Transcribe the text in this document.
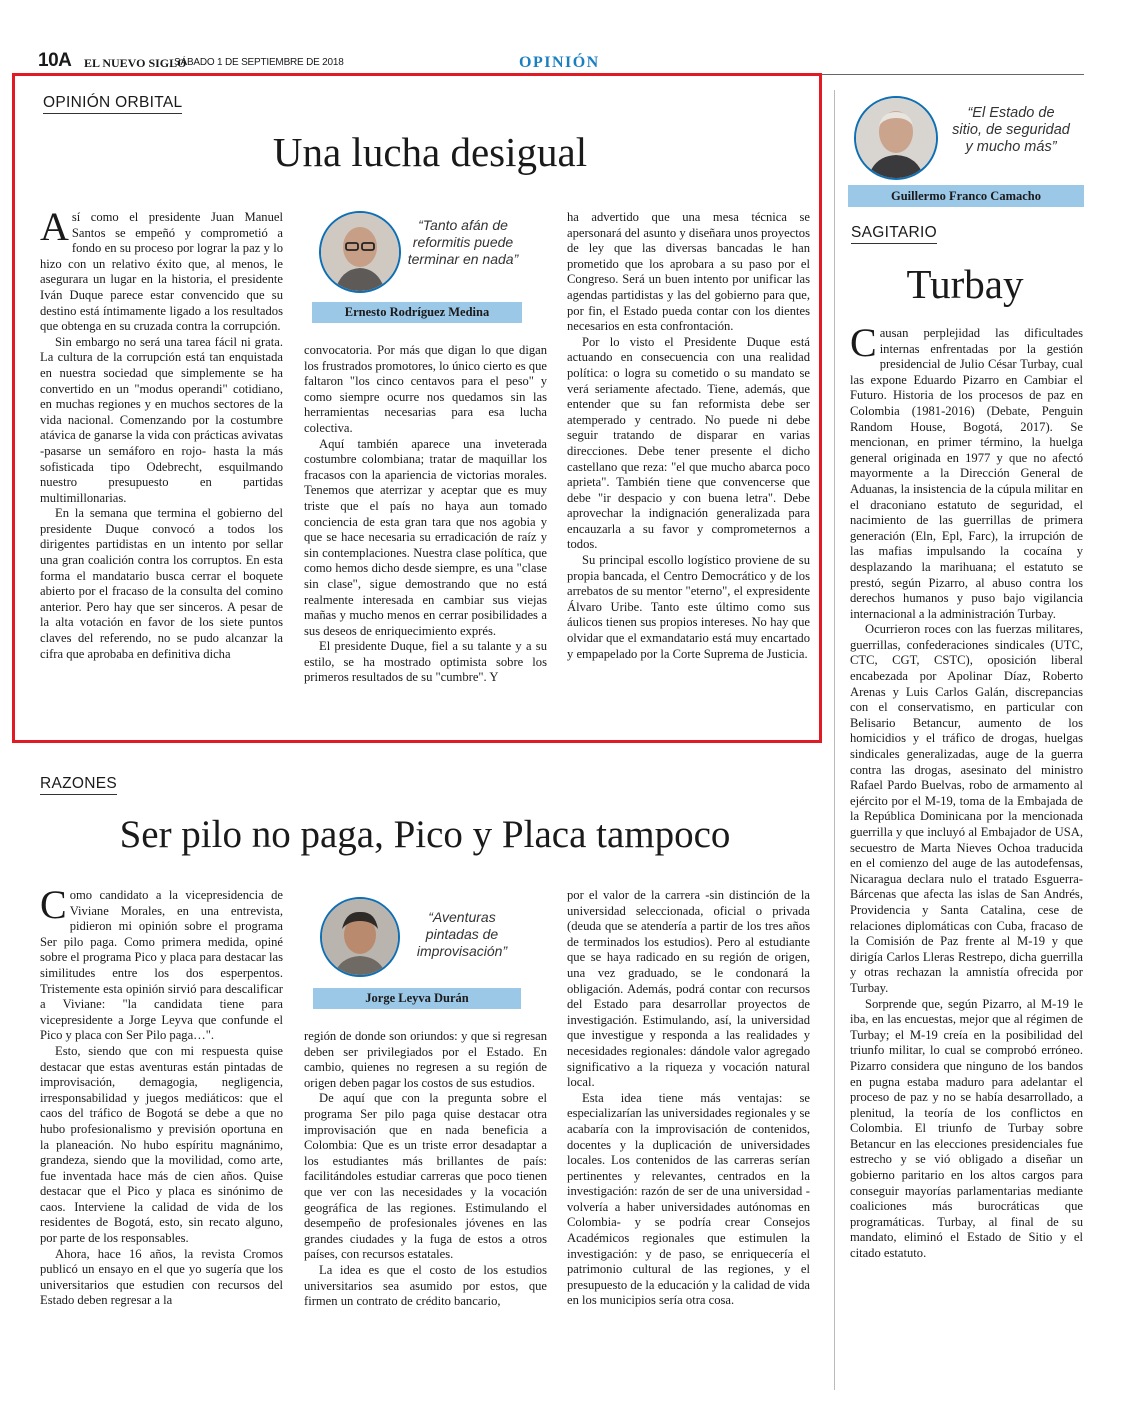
10A EL NUEVO SIGLO
SÁBADO 1 DE SEPTIEMBRE DE 2018	OPINIÓN
OPINIÓN ORBITAL
Una lucha desigual

Así como el presidente Juan Manuel Santos se empeñó y comprometió a fondo en su proceso por lograr la paz y lo hizo con un relativo éxito que, al menos, le asegurara un lugar en la historia, el presidente Iván Duque parece estar convencido que su destino está íntimamente ligado a los resultados que obtenga en su cruzada contra la corrupción.

Sin embargo no será una tarea fácil ni grata. La cultura de la corrupción está tan enquistada en nuestra sociedad que simplemente se ha convertido en un "modus operandi" cotidiano, en muchas regiones y en muchos sectores de la vida nacional. Comenzando por la costumbre atávica de ganarse la vida con prácticas avivatas -pasarse un semáforo en rojo- hasta la más sofisticada tipo Odebrecht, esquilmando nuestro presupuesto en partidas multimillonarias.

En la semana que termina el gobierno del presidente Duque convocó a todos los dirigentes partidistas en un intento por sellar una gran coalición contra los corruptos. En esta forma el mandatario busca cerrar el boquete abierto por el fracaso de la consulta del comino anterior. Pero hay que ser sinceros. A pesar de la alta votación en favor de los siete puntos claves del referendo, no se pudo alcanzar la cifra que aprobaba en definitiva dicha

“Tanto afán de reformitis puede terminar en nada”
Ernesto Rodríguez Medina

convocatoria. Por más que digan lo que digan los frustrados promotores, lo único cierto es que faltaron "los cinco centavos para el peso" y como siempre ocurre nos quedamos sin las herramientas necesarias para esa lucha colectiva.

Aquí también aparece una inveterada costumbre colombiana; tratar de maquillar los fracasos con la apariencia de victorias morales. Tenemos que aterrizar y aceptar que es muy triste que el país no haya aun tomado conciencia de esta gran tara que nos agobia y que se hace necesaria su erradicación de raíz y sin contemplaciones. Nuestra clase política, que como hemos dicho desde siempre, es una "clase sin clase", sigue demostrando que no está realmente interesada en cambiar sus viejas mañas y mucho menos en cerrar posibilidades a sus deseos de enriquecimiento exprés.

El presidente Duque, fiel a su talante y a su estilo, se ha mostrado optimista sobre los primeros resultados de su "cumbre". Y

ha advertido que una mesa técnica se apersonará del asunto y diseñara unos proyectos de ley que las diversas bancadas le han prometido que los aprobara a su paso por el Congreso. Será un buen intento por unificar las agendas partidistas y las del gobierno para que, por fin, el Estado pueda contar con los dientes necesarios en esta confrontación.

Por lo visto el Presidente Duque está actuando en consecuencia con una realidad política: o logra su cometido o su mandato se verá seriamente afectado. Tiene, además, que entender que su fan reformista debe ser atemperado y centrado. No puede ni debe seguir tratando de disparar en varias direcciones. Debe tener presente el dicho castellano que reza: "el que mucho abarca poco aprieta". También tiene que convencerse que debe "ir despacio y con buena letra". Debe aprovechar la indignación generalizada para encauzarla a su favor y comprometernos a todos.

Su principal escollo logístico proviene de su propia bancada, el Centro Democrático y de los arrebatos de su mentor "eterno", el expresidente Álvaro Uribe. Tanto este último como sus áulicos tienen sus propios intereses. No hay que olvidar que el exmandatario está muy encartado y empapelado por la Corte Suprema de Justicia.

RAZONES
Ser pilo no paga, Pico y Placa tampoco

Como candidato a la vicepresidencia de Viviane Morales, en una entrevista, pidieron mi opinión sobre el programa Ser pilo paga. Como primera medida, opiné sobre el programa Pico y placa para destacar las similitudes entre los dos esperpentos. Tristemente esta opinión sirvió para descalificar a Viviane: "la candidata tiene para vicepresidente a Jorge Leyva que confunde el Pico y placa con Ser Pilo paga…".

Esto, siendo que con mi respuesta quise destacar que estas aventuras están pintadas de improvisación, demagogia, negligencia, irresponsabilidad y juegos mediáticos: que el caos del tráfico de Bogotá se debe a que no hubo profesionalismo y previsión oportuna en la planeación. No hubo espíritu magnánimo, grandeza, siendo que la movilidad, como arte, fue inventada hace más de cien años. Quise destacar que el Pico y placa es sinónimo de caos. Interviene la calidad de vida de los residentes de Bogotá, esto, sin recato alguno, por parte de los responsables.

Ahora, hace 16 años, la revista Cromos publicó un ensayo en el que yo sugería que los universitarios que estudien con recursos del Estado deben regresar a la

“Aventuras pintadas de improvisación”
Jorge Leyva Durán

región de donde son oriundos: y que si regresan deben ser privilegiados por el Estado. En cambio, quienes no regresen a su región de origen deben pagar los costos de sus estudios.

De aquí que con la pregunta sobre el programa Ser pilo paga quise destacar otra improvisación que en nada beneficia a Colombia: Que es un triste error desadaptar a los estudiantes más brillantes de país: facilitándoles estudiar carreras que poco tienen que ver con las necesidades y la vocación geográfica de las regiones. Estimulando el desempeño de profesionales jóvenes en las grandes ciudades y la fuga de estos a otros países, con recursos estatales.

La idea es que el costo de los estudios universitarios sea asumido por estos, que firmen un contrato de crédito bancario,

por el valor de la carrera -sin distinción de la universidad seleccionada, oficial o privada (deuda que se atendería a partir de los tres años de terminados los estudios). Pero al estudiante que se haya radicado en su región de origen, una vez graduado, se le condonará la obligación. Además, podrá contar con recursos del Estado para desarrollar proyectos de investigación. Estimulando, así, la universidad que investigue y responda a las realidades y necesidades regionales: dándole valor agregado significativo a la riqueza y vocación natural local.

Esta idea tiene más ventajas: se especializarían las universidades regionales y se acabaría con la improvisación de contenidos, docentes y la duplicación de universidades locales. Los contenidos de las carreras serían pertinentes y relevantes, centrados en la investigación: razón de ser de una universidad -volvería a haber universidades autónomas en Colombia- y se podría crear Consejos Académicos regionales que estimulen la investigación: y de paso, se enriquecería el patrimonio cultural de las regiones, y el presupuesto de la educación y la calidad de vida en los municipios sería otra cosa.

“El Estado de sitio, de seguridad y mucho más”
Guillermo Franco Camacho
SAGITARIO
Turbay

Causan perplejidad las dificultades internas enfrentadas por la gestión presidencial de Julio César Turbay, cual las expone Eduardo Pizarro en Cambiar el Futuro. Historia de los procesos de paz en Colombia (1981-2016) (Debate, Penguin Random House, Bogotá, 2017). Se mencionan, en primer término, la huelga general originada en 1977 y que no afectó mayormente a la Dirección General de Aduanas, la insistencia de la cúpula militar en el draconiano estatuto de seguridad, el nacimiento de las guerrillas de primera generación (Eln, Epl, Farc), la irrupción de las mafias impulsando la cocaína y desplazando la marihuana; el estatuto se prestó, según Pizarro, al abuso contra los derechos humanos y puso bajo vigilancia internacional a la administración Turbay.

Ocurrieron roces con las fuerzas militares, guerrillas, confederaciones sindicales (UTC, CTC, CGT, CSTC), oposición liberal encabezada por Apolinar Díaz, Roberto Arenas y Luis Carlos Galán, discrepancias con el conservatismo, en particular con Belisario Betancur, aumento de los homicidios y el tráfico de drogas, huelgas sindicales generalizadas, auge de la guerra contra las drogas, asesinato del ministro Rafael Pardo Buelvas, robo de armamento al ejército por el M-19, toma de la Embajada de la República Dominicana por la mencionada guerrilla y que incluyó al Embajador de USA, secuestro de Marta Nieves Ochoa traducida en el comienzo del auge de las autodefensas, Nicaragua declara nulo el tratado Esguerra-Bárcenas que afecta las islas de San Andrés, Providencia y Santa Catalina, cese de relaciones diplomáticas con Cuba, fracaso de la Comisión de Paz frente al M-19 y que dirigía Carlos Lleras Restrepo, dicha guerrilla y otras rechazan la amnistía ofrecida por Turbay.

Sorprende que, según Pizarro, al M-19 le iba, en las encuestas, mejor que al régimen de Turbay; el M-19 creía en la posibilidad del triunfo militar, lo cual se comprobó erróneo. Pizarro considera que ninguno de los bandos en pugna estaba maduro para adelantar el proceso de paz y no se había desarrollado, a plenitud, la teoría de los conflictos en Colombia. El triunfo de Turbay sobre Betancur en las elecciones presidenciales fue estrecho y se vió obligado a diseñar un gobierno paritario en los altos cargos para conseguir mayorías parlamentarias mediante coaliciones más burocráticas que programáticas. Turbay, al final de su mandato, eliminó el Estado de Sitio y el citado estatuto.
